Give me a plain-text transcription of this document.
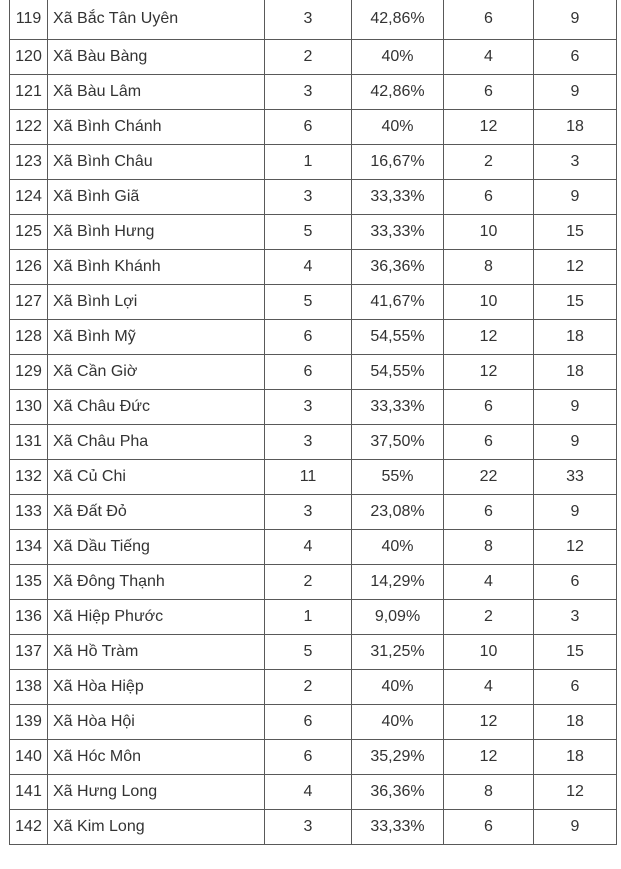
119	Xã Bắc Tân Uyên	3	42,86%	6	9
120	Xã Bàu Bàng	2	40%	4	6
121	Xã Bàu Lâm	3	42,86%	6	9
122	Xã Bình Chánh	6	40%	12	18
123	Xã Bình Châu	1	16,67%	2	3
124	Xã Bình Giã	3	33,33%	6	9
125	Xã Bình Hưng	5	33,33%	10	15
126	Xã Bình Khánh	4	36,36%	8	12
127	Xã Bình Lợi	5	41,67%	10	15
128	Xã Bình Mỹ	6	54,55%	12	18
129	Xã Cần Giờ	6	54,55%	12	18
130	Xã Châu Đức	3	33,33%	6	9
131	Xã Châu Pha	3	37,50%	6	9
132	Xã Củ Chi	11	55%	22	33
133	Xã Đất Đỏ	3	23,08%	6	9
134	Xã Dầu Tiếng	4	40%	8	12
135	Xã Đông Thạnh	2	14,29%	4	6
136	Xã Hiệp Phước	1	9,09%	2	3
137	Xã Hồ Tràm	5	31,25%	10	15
138	Xã Hòa Hiệp	2	40%	4	6
139	Xã Hòa Hội	6	40%	12	18
140	Xã Hóc Môn	6	35,29%	12	18
141	Xã Hưng Long	4	36,36%	8	12
142	Xã Kim Long	3	33,33%	6	9
